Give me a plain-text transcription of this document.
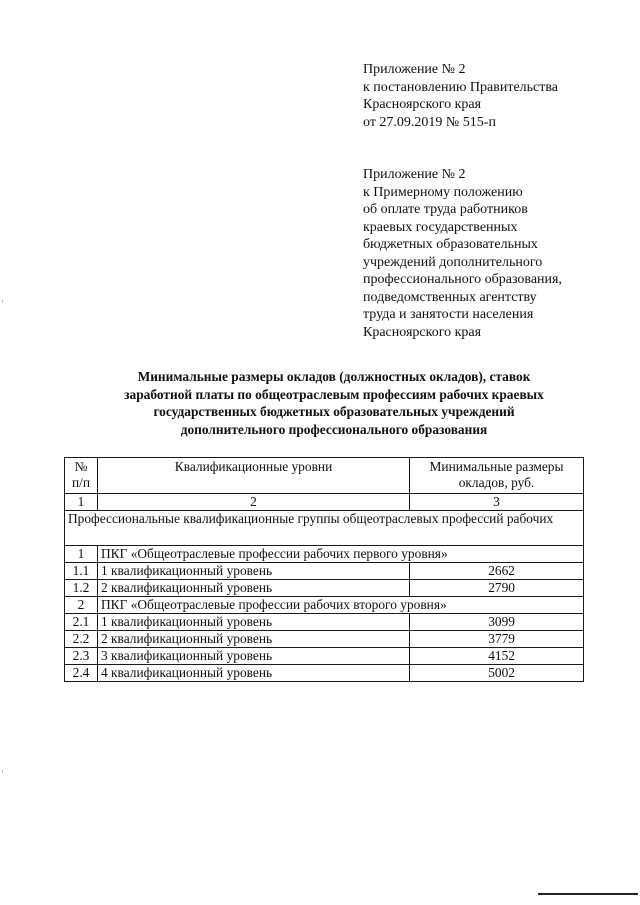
Приложение № 2
к постановлению Правительства
Красноярского края
от 27.09.2019 № 515-п
Приложение № 2
к Примерному положению
об оплате труда работников
краевых государственных
бюджетных образовательных
учреждений дополнительного
профессионального образования,
подведомственных агентству
труда и занятости населения
Красноярского края
Минимальные размеры окладов (должностных окладов), ставок
заработной платы по общеотраслевым профессиям рабочих краевых
государственных бюджетных образовательных учреждений
дополнительного профессионального образования
№ п/п	Квалификационные уровни	Минимальные размеры окладов, руб.
1	2	3
Профессиональные квалификационные группы общеотраслевых профессий рабочих		
1	ПКГ «Общеотраслевые профессии рабочих первого уровня»	
1.1	1 квалификационный уровень	2662
1.2	2 квалификационный уровень	2790
2	ПКГ «Общеотраслевые профессии рабочих второго уровня»	
2.1	1 квалификационный уровень	3099
2.2	2 квалификационный уровень	3779
2.3	3 квалификационный уровень	4152
2.4	4 квалификационный уровень	5002
